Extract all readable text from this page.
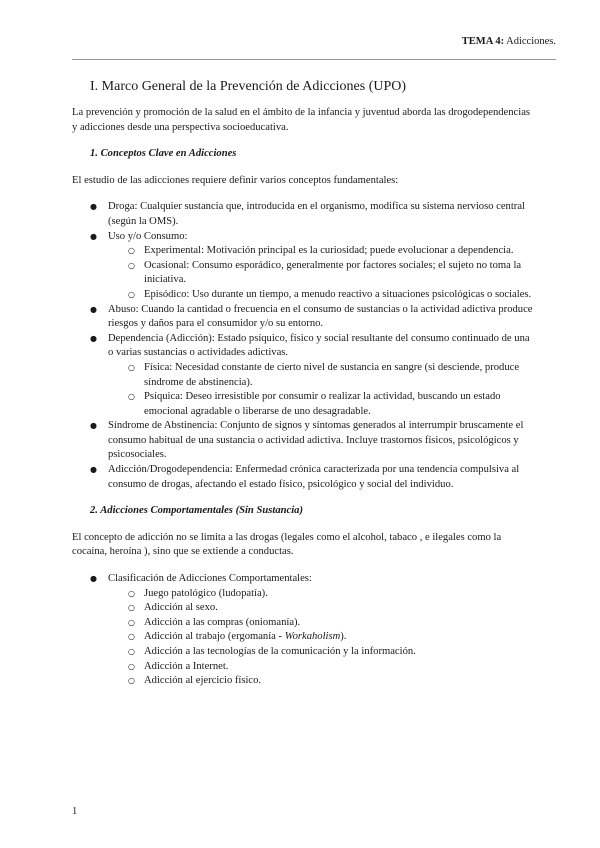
TEMA 4: Adicciones.
I. Marco General de la Prevención de Adicciones (UPO)

La prevención y promoción de la salud en el ámbito de la infancia y juventud aborda las drogodependencias y adicciones desde una perspectiva socioeducativa.

1. Conceptos Clave en Adicciones

El estudio de las adicciones requiere definir varios conceptos fundamentales:

● Droga: Cualquier sustancia que, introducida en el organismo, modifica su sistema nervioso central (según la OMS).
● Uso y/o Consumo:
○ Experimental: Motivación principal es la curiosidad; puede evolucionar a dependencia.
○ Ocasional: Consumo esporádico, generalmente por factores sociales; el sujeto no toma la iniciativa.
○ Episódico: Uso durante un tiempo, a menudo reactivo a situaciones psicológicas o sociales.
● Abuso: Cuando la cantidad o frecuencia en el consumo de sustancias o la actividad adictiva produce riesgos y daños para el consumidor y/o su entorno.
● Dependencia (Adicción): Estado psíquico, físico y social resultante del consumo continuado de una o varias sustancias o actividades adictivas.
○ Física: Necesidad constante de cierto nivel de sustancia en sangre (si desciende, produce síndrome de abstinencia).
○ Psíquica: Deseo irresistible por consumir o realizar la actividad, buscando un estado emocional agradable o liberarse de uno desagradable.
● Síndrome de Abstinencia: Conjunto de signos y síntomas generados al interrumpir bruscamente el consumo habitual de una sustancia o actividad adictiva. Incluye trastornos físicos, psicológicos y psicosociales.
● Adicción/Drogodependencia: Enfermedad crónica caracterizada por una tendencia compulsiva al consumo de drogas, afectando el estado físico, psicológico y social del individuo.

2. Adicciones Comportamentales (Sin Sustancia)

El concepto de adicción no se limita a las drogas (legales como el alcohol, tabaco , e ilegales como la cocaína, heroína ), sino que se extiende a conductas.

● Clasificación de Adicciones Comportamentales:
○ Juego patológico (ludopatía).
○ Adicción al sexo.
○ Adicción a las compras (oniomanía).
○ Adicción al trabajo (ergomanía - Workaholism).
○ Adicción a las tecnologías de la comunicación y la información.
○ Adicción a Internet.
○ Adicción al ejercicio físico.
1
